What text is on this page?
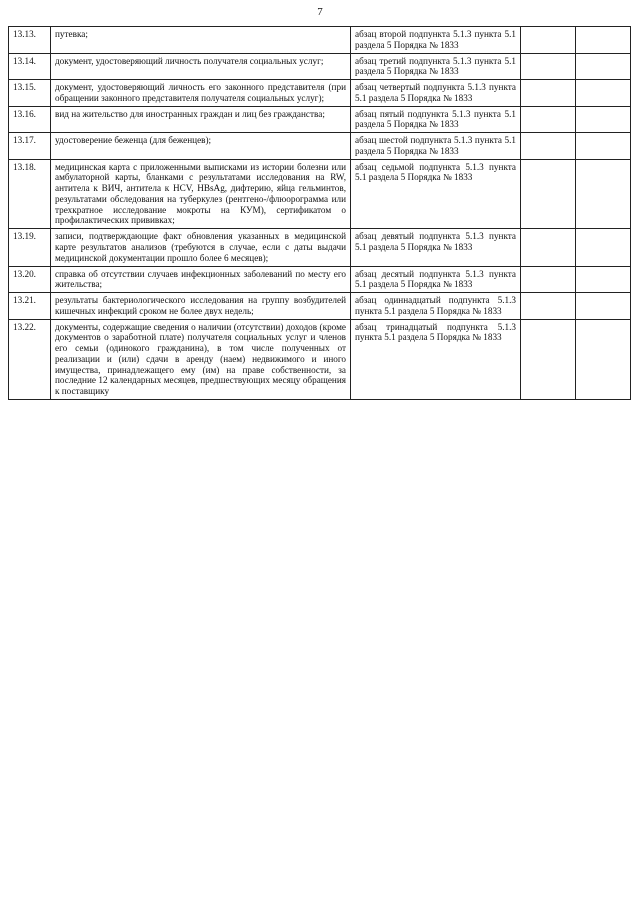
7
13.13.	путевка;	абзац второй подпункта 5.1.3 пункта 5.1 раздела 5 Порядка № 1833		
13.14.	документ, удостоверяющий личность получателя социальных услуг;	абзац третий подпункта 5.1.3 пункта 5.1 раздела 5 Порядка № 1833		
13.15.	документ, удостоверяющий личность его законного представителя (при обращении законного представителя получателя социальных услуг);	абзац четвертый подпункта 5.1.3 пункта 5.1 раздела 5 Порядка № 1833		
13.16.	вид на жительство для иностранных граждан и лиц без гражданства;	абзац пятый подпункта 5.1.3 пункта 5.1 раздела 5 Порядка № 1833		
13.17.	удостоверение беженца (для беженцев);	абзац шестой подпункта 5.1.3 пункта 5.1 раздела 5 Порядка № 1833		
13.18.	медицинская карта с приложенными выписками из истории болезни или амбулаторной карты, бланками с результатами исследования на RW, антитела к ВИЧ, антитела к HCV, HBsAg, дифтерию, яйца гельминтов, результатами обследования на туберкулез (рентгено-/флюорограмма или трехкратное исследование мокроты на КУМ), сертификатом о профилактических прививках;	абзац седьмой подпункта 5.1.3 пункта 5.1 раздела 5 Порядка № 1833		
13.19.	записи, подтверждающие факт обновления указанных в медицинской карте результатов анализов (требуются в случае, если с даты выдачи медицинской документации прошло более 6 месяцев);	абзац девятый подпункта 5.1.3 пункта 5.1 раздела 5 Порядка № 1833		
13.20.	справка об отсутствии случаев инфекционных заболеваний по месту его жительства;	абзац десятый подпункта 5.1.3 пункта 5.1 раздела 5 Порядка № 1833		
13.21.	результаты бактериологического исследования на группу возбудителей кишечных инфекций сроком не более двух недель;	абзац одиннадцатый подпункта 5.1.3 пункта 5.1 раздела 5 Порядка № 1833		
13.22.	документы, содержащие сведения о наличии (отсутствии) доходов (кроме документов о заработной плате) получателя социальных услуг и членов его семьи (одинокого гражданина), в том числе полученных от реализации и (или) сдачи в аренду (наем) недвижимого и иного имущества, принадлежащего ему (им) на праве собственности, за последние 12 календарных месяцев, предшествующих месяцу обращения к поставщику	абзац тринадцатый подпункта 5.1.3 пункта 5.1 раздела 5 Порядка № 1833		
